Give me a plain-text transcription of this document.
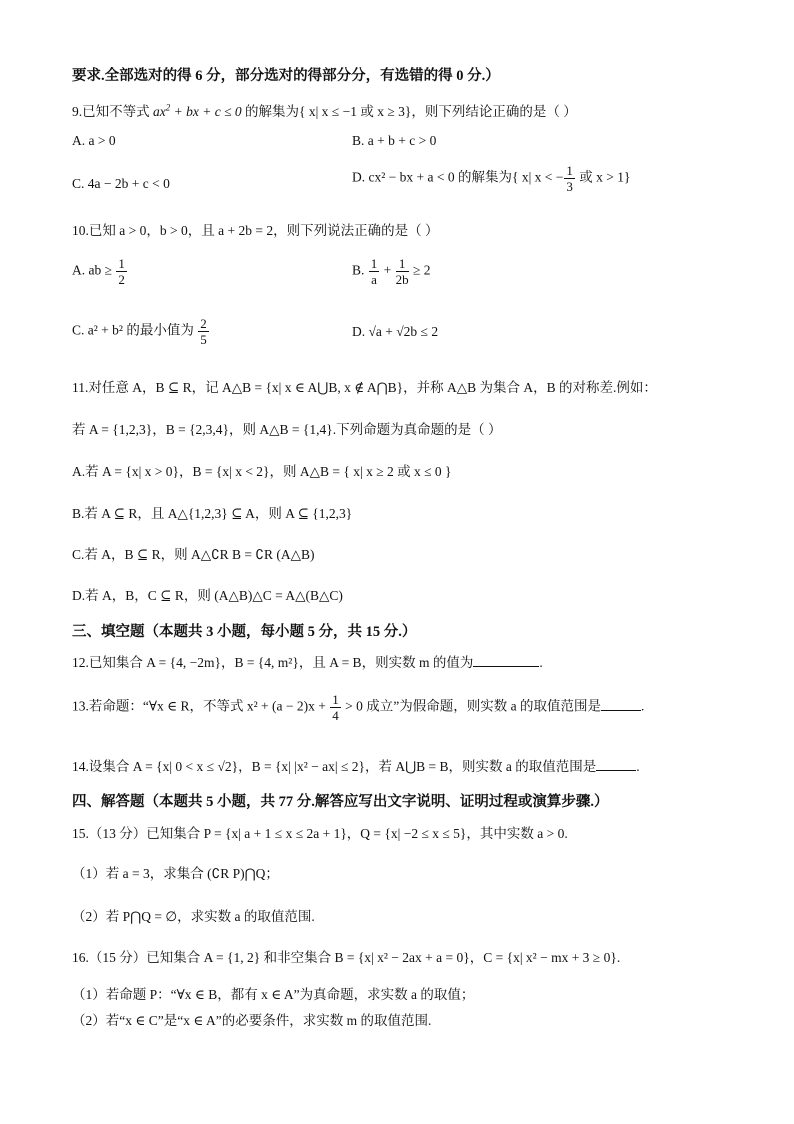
要求.全部选对的得 6 分，部分选对的得部分分，有选错的得 0 分.）
9.已知不等式 $ax^2$ + bx + c ≤ 0 的解集为{ x| x ≤ −1 或 x ≥ 3}，则下列结论正确的是（ ）
A. a > 0	B. a + b + c > 0
C. 4a − 2b + c < 0	D. cx² − bx + a < 0 的解集为{ x| x < − $\frac{1}{3}$ 或 x > 1}
10.已知 a > 0，b > 0，且 a + 2b = 2，则下列说法正确的是（ ）
A. ab ≥ $\frac{1}{2}$	B. $\frac{1}{a} + \frac{1}{2b} \ge 2$
C. a² + b² 的最小值为 $\frac{2}{5}$	D. √a + √2b ≤ 2
11.对任意 A，B ⊆ R，记 A△B = {x| x ∈ A⋃B, x ∉ A⋂B}，并称 A△B 为集合 A，B 的对称差.例如：
若 A = {1,2,3}，B = {2,3,4}，则 A△B = {1,4}.下列命题为真命题的是（ ）
A.若 A = {x| x > 0}，B = {x| x < 2}，则 A△B = { x| x ≥ 2 或 x ≤ 0 }
B.若 A ⊆ R，且 A△{1,2,3} ⊆ A，则 A ⊆ {1,2,3}
C.若 A，B ⊆ R，则 A△∁R B = ∁R (A△B)
D.若 A，B，C ⊆ R，则 (A△B)△C = A△(B△C)
三、填空题（本题共 3 小题，每小题 5 分，共 15 分.）
12.已知集合 A = {4, −2m}，B = {4, m²}，且 A = B，则实数 m 的值为	.
13.若命题：“∀x ∈ R，不等式 $x^2 + (a - 2)x + \frac{1}{4} > 0$ 成立”为假命题，则实数 a 的取值范围是	.
14.设集合 A = {x| 0 < x ≤ √2}，B = {x| |x² − ax| ≤ 2}，若 A⋃B = B，则实数 a 的取值范围是	.
四、解答题（本题共 5 小题，共 77 分.解答应写出文字说明、证明过程或演算步骤.）
15.（13 分）已知集合 P = {x| a + 1 ≤ x ≤ 2a + 1}，Q = {x| −2 ≤ x ≤ 5}，其中实数 a > 0.
（1）若 a = 3，求集合 (∁R P)⋂Q；
（2）若 P⋂Q = ∅，求实数 a 的取值范围.
16.（15 分）已知集合 A = {1, 2} 和非空集合 B = {x| x² − 2ax + a = 0}，C = {x| x² − mx + 3 ≥ 0}.
（1）若命题 P：“∀x ∈ B，都有 x ∈ A”为真命题，求实数 a 的取值；
（2）若“x ∈ C”是“x ∈ A”的必要条件，求实数 m 的取值范围.
